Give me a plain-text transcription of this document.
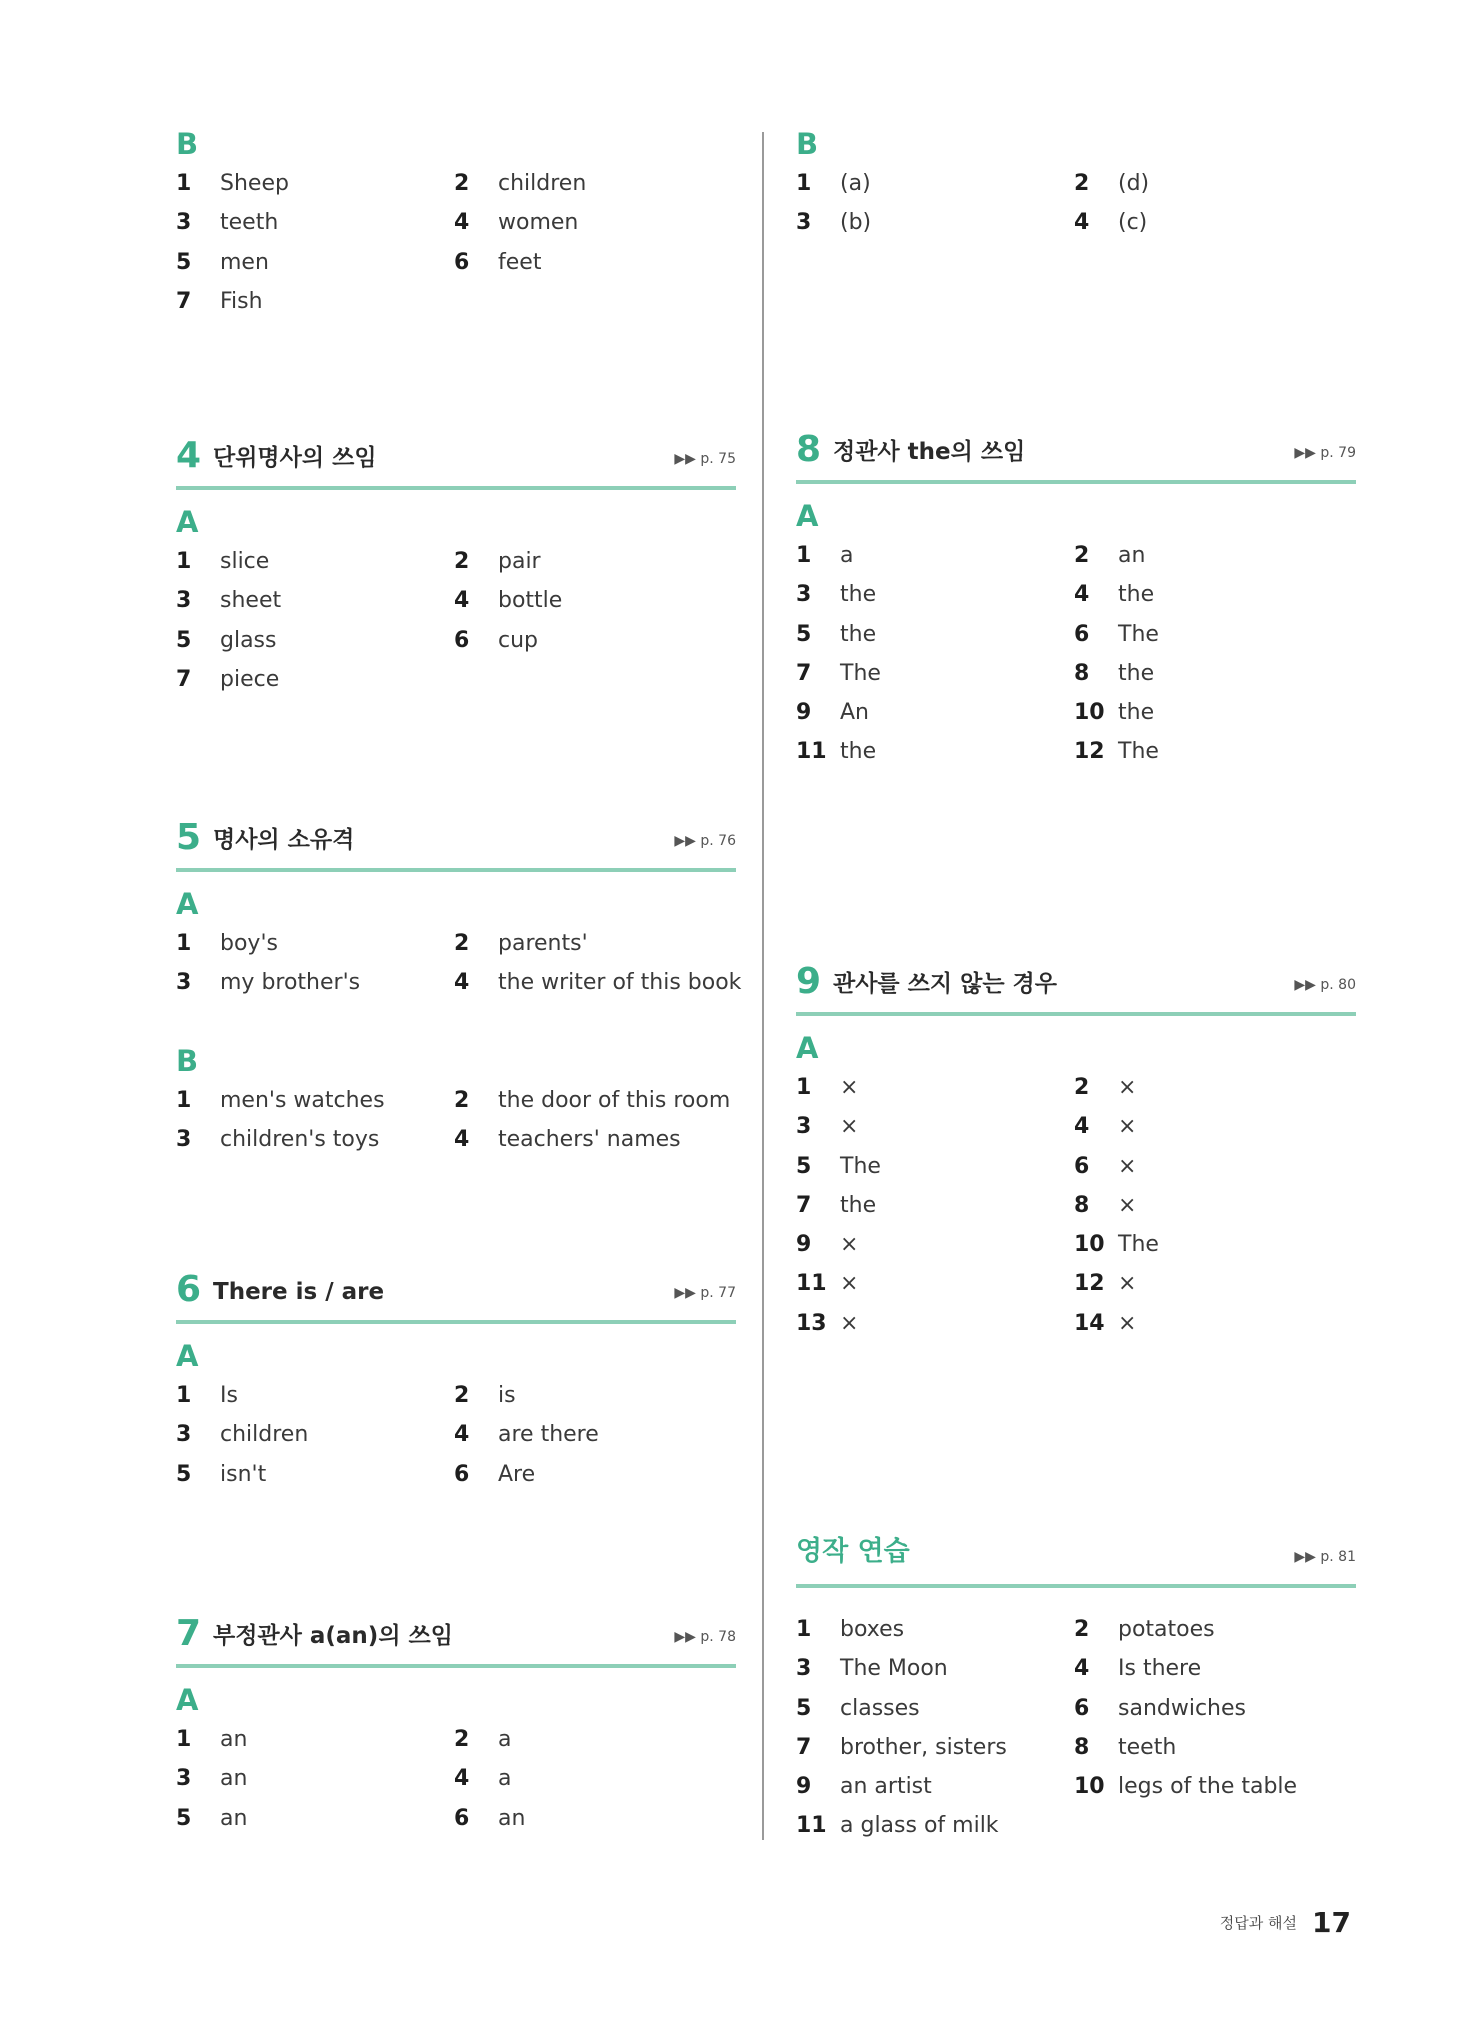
B
1 Sheep	2 children
3 teeth	4 women
5 men	6 feet
7 Fish
4 단위명사의 쓰임	▶▶ p. 75
A
1 slice	2 pair
3 sheet	4 bottle
5 glass	6 cup
7 piece
5 명사의 소유격	▶▶ p. 76
A
1 boy's	2 parents'
3 my brother's	4 the writer of this book
B
1 men's watches	2 the door of this room
3 children's toys	4 teachers' names
6 There is / are	▶▶ p. 77
A
1 Is	2 is
3 children	4 are there
5 isn't	6 Are
7 부정관사 a(an)의 쓰임	▶▶ p. 78
A
1 an	2 a
3 an	4 a
5 an	6 an
B
1 (a)	2 (d)
3 (b)	4 (c)
8 정관사 the의 쓰임	▶▶ p. 79
A
1 a	2 an
3 the	4 the
5 the	6 The
7 The	8 the
9 An	10 the
11 the	12 The
9 관사를 쓰지 않는 경우	▶▶ p. 80
A
1 ×	2 ×
3 ×	4 ×
5 The	6 ×
7 the	8 ×
9 ×	10 The
11 ×	12 ×
13 ×	14 ×
영작 연습	▶▶ p. 81
1 boxes	2 potatoes
3 The Moon	4 Is there
5 classes	6 sandwiches
7 brother, sisters	8 teeth
9 an artist	10 legs of the table
11 a glass of milk
정답과 해설 17
